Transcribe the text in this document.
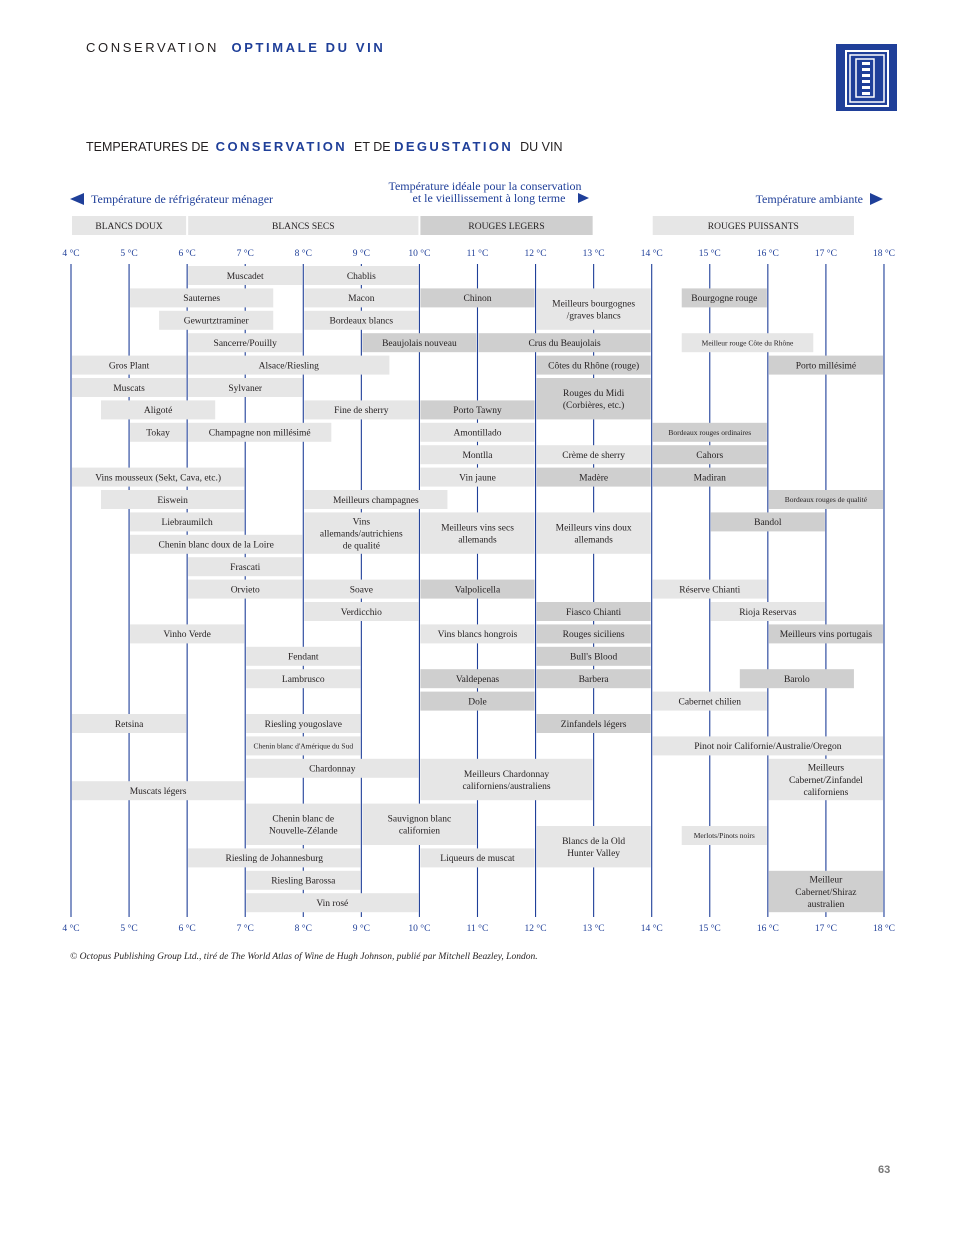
CONSERVATION OPTIMALE DU VIN
TEMPERATURES DE CONSERVATION ET DE DEGUSTATION DU VIN
Température de réfrigérateur ménager
Température idéale pour la conservation
et le vieillissement à long terme	Température ambiante
BLANCS DOUX	BLANCS SECS	ROUGES LEGERS	ROUGES PUISSANTS
Muscadet	Chablis
Sauternes	Macon	Chinon
Meilleurs bourgognes
/graves blancs
Bourgogne rouge
Gewurtztraminer	Bordeaux blancs
Sancerre/Pouilly	Beaujolais nouveau	Crus du Beaujolais	Meilleur rouge Côte du Rhône
Gros Plant	Alsace/Riesling	Côtes du Rhône (rouge)	Porto millésimé
Muscats	Sylvaner
Rouges du Midi
(Corbières, etc.)
Aligoté	Fine de sherry	Porto Tawny
Tokay	Champagne non millésimé	Amontillado	Bordeaux rouges ordinaires
Montlla	Crème de sherry	Cahors
Vins mousseux (Sekt, Cava, etc.)	Vin jaune	Madère	Madiran
Eiswein	Meilleurs champagnes	Bordeaux rouges de qualité
Liebraumilch	Vins
allemands/autrichiens
de qualité
Meilleurs vins secs
allemands
Meilleurs vins doux
allemands
Bandol
Chenin blanc doux de la Loire
Frascati
Orvieto	Soave	Valpolicella	Réserve Chianti
Verdicchio	Fiasco Chianti	Rioja Reservas
Vinho Verde	Vins blancs hongrois	Rouges siciliens	Meilleurs vins portugais
Fendant	Bull's Blood
Lambrusco	Valdepenas	Barbera	Barolo
Dole	Cabernet chilien
Retsina	Riesling yougoslave	Zinfandels légers
Chenin blanc d'Amérique du Sud	Pinot noir Californie/Australie/Oregon
Chardonnay
Meilleurs Chardonnay
californiens/australiens
Meilleurs
Cabernet/Zinfandel
californiens
Muscats légers
Chenin blanc de
Nouvelle-Zélande
Sauvignon blanc
californien	Merlots/Pinots noirs
Blancs de la Old
Hunter Valley
Riesling de Johannesburg	Liqueurs de muscat
Riesling Barossa	Meilleur
Cabernet/Shiraz
australien
Vin rosé
4 °C
4 °C
5 °C
5 °C
6 °C
6 °C
7 °C
7 °C
8 °C
8 °C
9 °C
9 °C
10 °C
10 °C
11 °C
11 °C
12 °C
12 °C
13 °C
13 °C
14 °C
14 °C
15 °C
15 °C
16 °C
16 °C
17 °C
17 °C
18 °C
18 °C
© Octopus Publishing Group Ltd., tiré de The World Atlas of Wine de Hugh Johnson, publié par Mitchell Beazley, London.
63
